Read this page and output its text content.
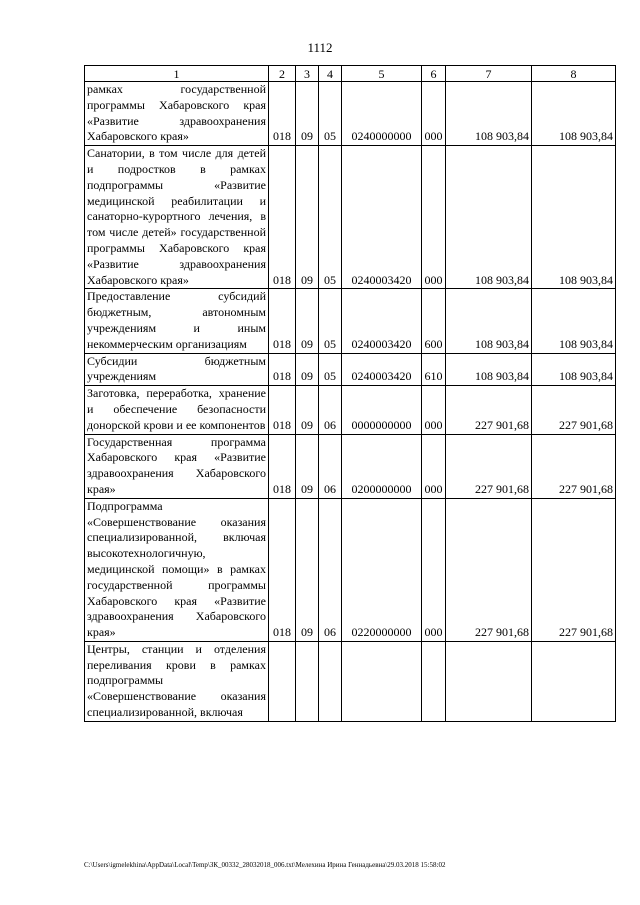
1112
1	2	3	4	5	6	7	8
рамках государственной программы Хабаровского края «Развитие здравоохранения Хабаровского края»	018	09	05	0240000000	000	108 903,84	108 903,84
Санатории, в том числе для детей и подростков в рамках подпрограммы «Развитие медицинской реабилитации и санаторно-курортного лечения, в том числе детей» государственной программы Хабаровского края «Развитие здравоохранения Хабаровского края»	018	09	05	0240003420	000	108 903,84	108 903,84
Предоставление субсидий бюджетным, автономным учреждениям и иным некоммерческим организациям	018	09	05	0240003420	600	108 903,84	108 903,84
Субсидии бюджетным учреждениям	018	09	05	0240003420	610	108 903,84	108 903,84
Заготовка, переработка, хранение и обеспечение безопасности донорской крови и ее компонентов	018	09	06	0000000000	000	227 901,68	227 901,68
Государственная программа Хабаровского края «Развитие здравоохранения Хабаровского края»	018	09	06	0200000000	000	227 901,68	227 901,68
Подпрограмма «Совершенствование оказания специализированной, включая высокотехнологичную, медицинской помощи» в рамках государственной программы Хабаровского края «Развитие здравоохранения Хабаровского края»	018	09	06	0220000000	000	227 901,68	227 901,68
Центры, станции и отделения переливания крови в рамках подпрограммы «Совершенствование оказания специализированной, включая							
C:\Users\igmelekhina\AppData\Local\Temp\ЗК_00332_28032018_006.txt\Мелехина Ирина Геннадьевна\29.03.2018 15:58:02
